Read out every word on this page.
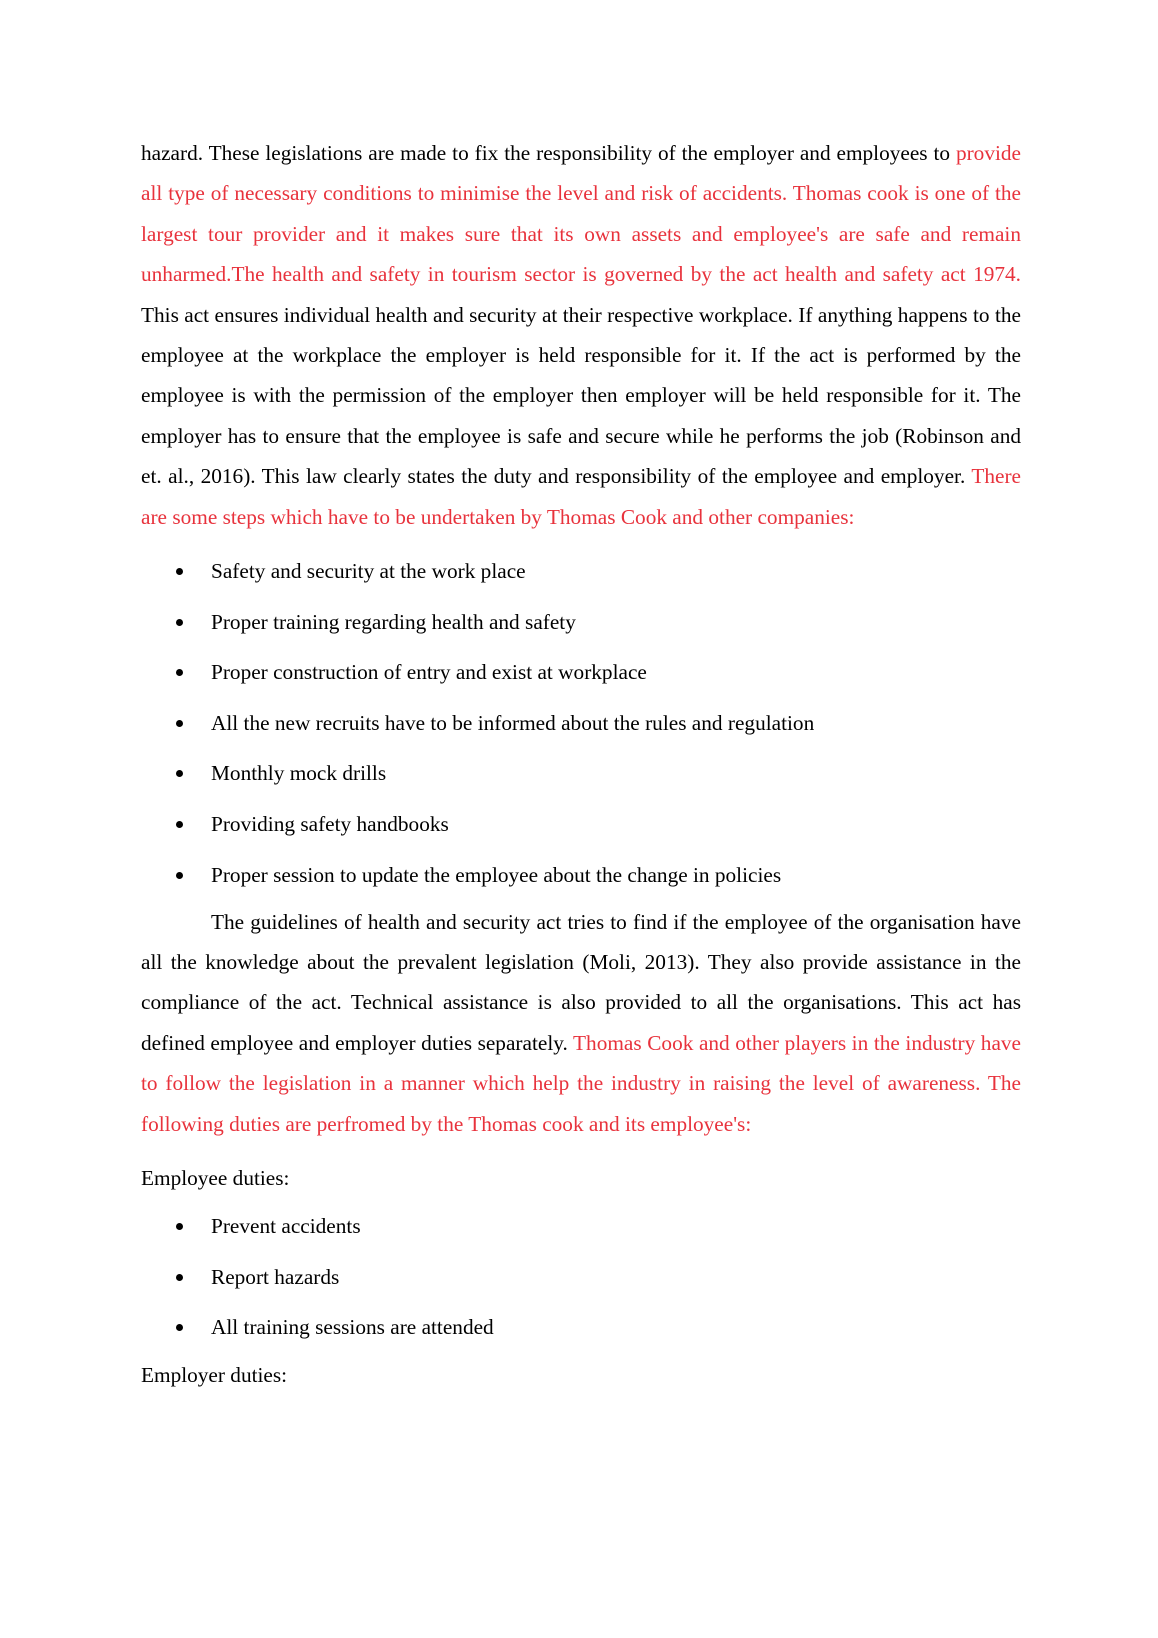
hazard. These legislations are made to fix the responsibility of the employer and employees to provide all type of necessary conditions to minimise the level and risk of accidents. Thomas cook is one of the largest tour provider and it makes sure that its own assets and employee's are safe and remain unharmed.The health and safety in tourism sector is governed by the act health and safety act 1974. This act ensures individual health and security at their respective workplace. If anything happens to the employee at the workplace the employer is held responsible for it. If the act is performed by the employee is with the permission of the employer then employer will be held responsible for it. The employer has to ensure that the employee is safe and secure while he performs the job (Robinson and et. al., 2016). This law clearly states the duty and responsibility of the employee and employer. There are some steps which have to be undertaken by Thomas Cook and other companies:

Safety and security at the work place
Proper training regarding health and safety
Proper construction of entry and exist at workplace
All the new recruits have to be informed about the rules and regulation
Monthly mock drills
Providing safety handbooks
Proper session to update the employee about the change in policies

The guidelines of health and security act tries to find if the employee of the organisation have all the knowledge about the prevalent legislation (Moli, 2013). They also provide assistance in the compliance of the act. Technical assistance is also provided to all the organisations. This act has defined employee and employer duties separately. Thomas Cook and other players in the industry have to follow the legislation in a manner which help the industry in raising the level of awareness. The following duties are perfromed by the Thomas cook and its employee's:

Employee duties:

Prevent accidents
Report hazards
All training sessions are attended

Employer duties:
